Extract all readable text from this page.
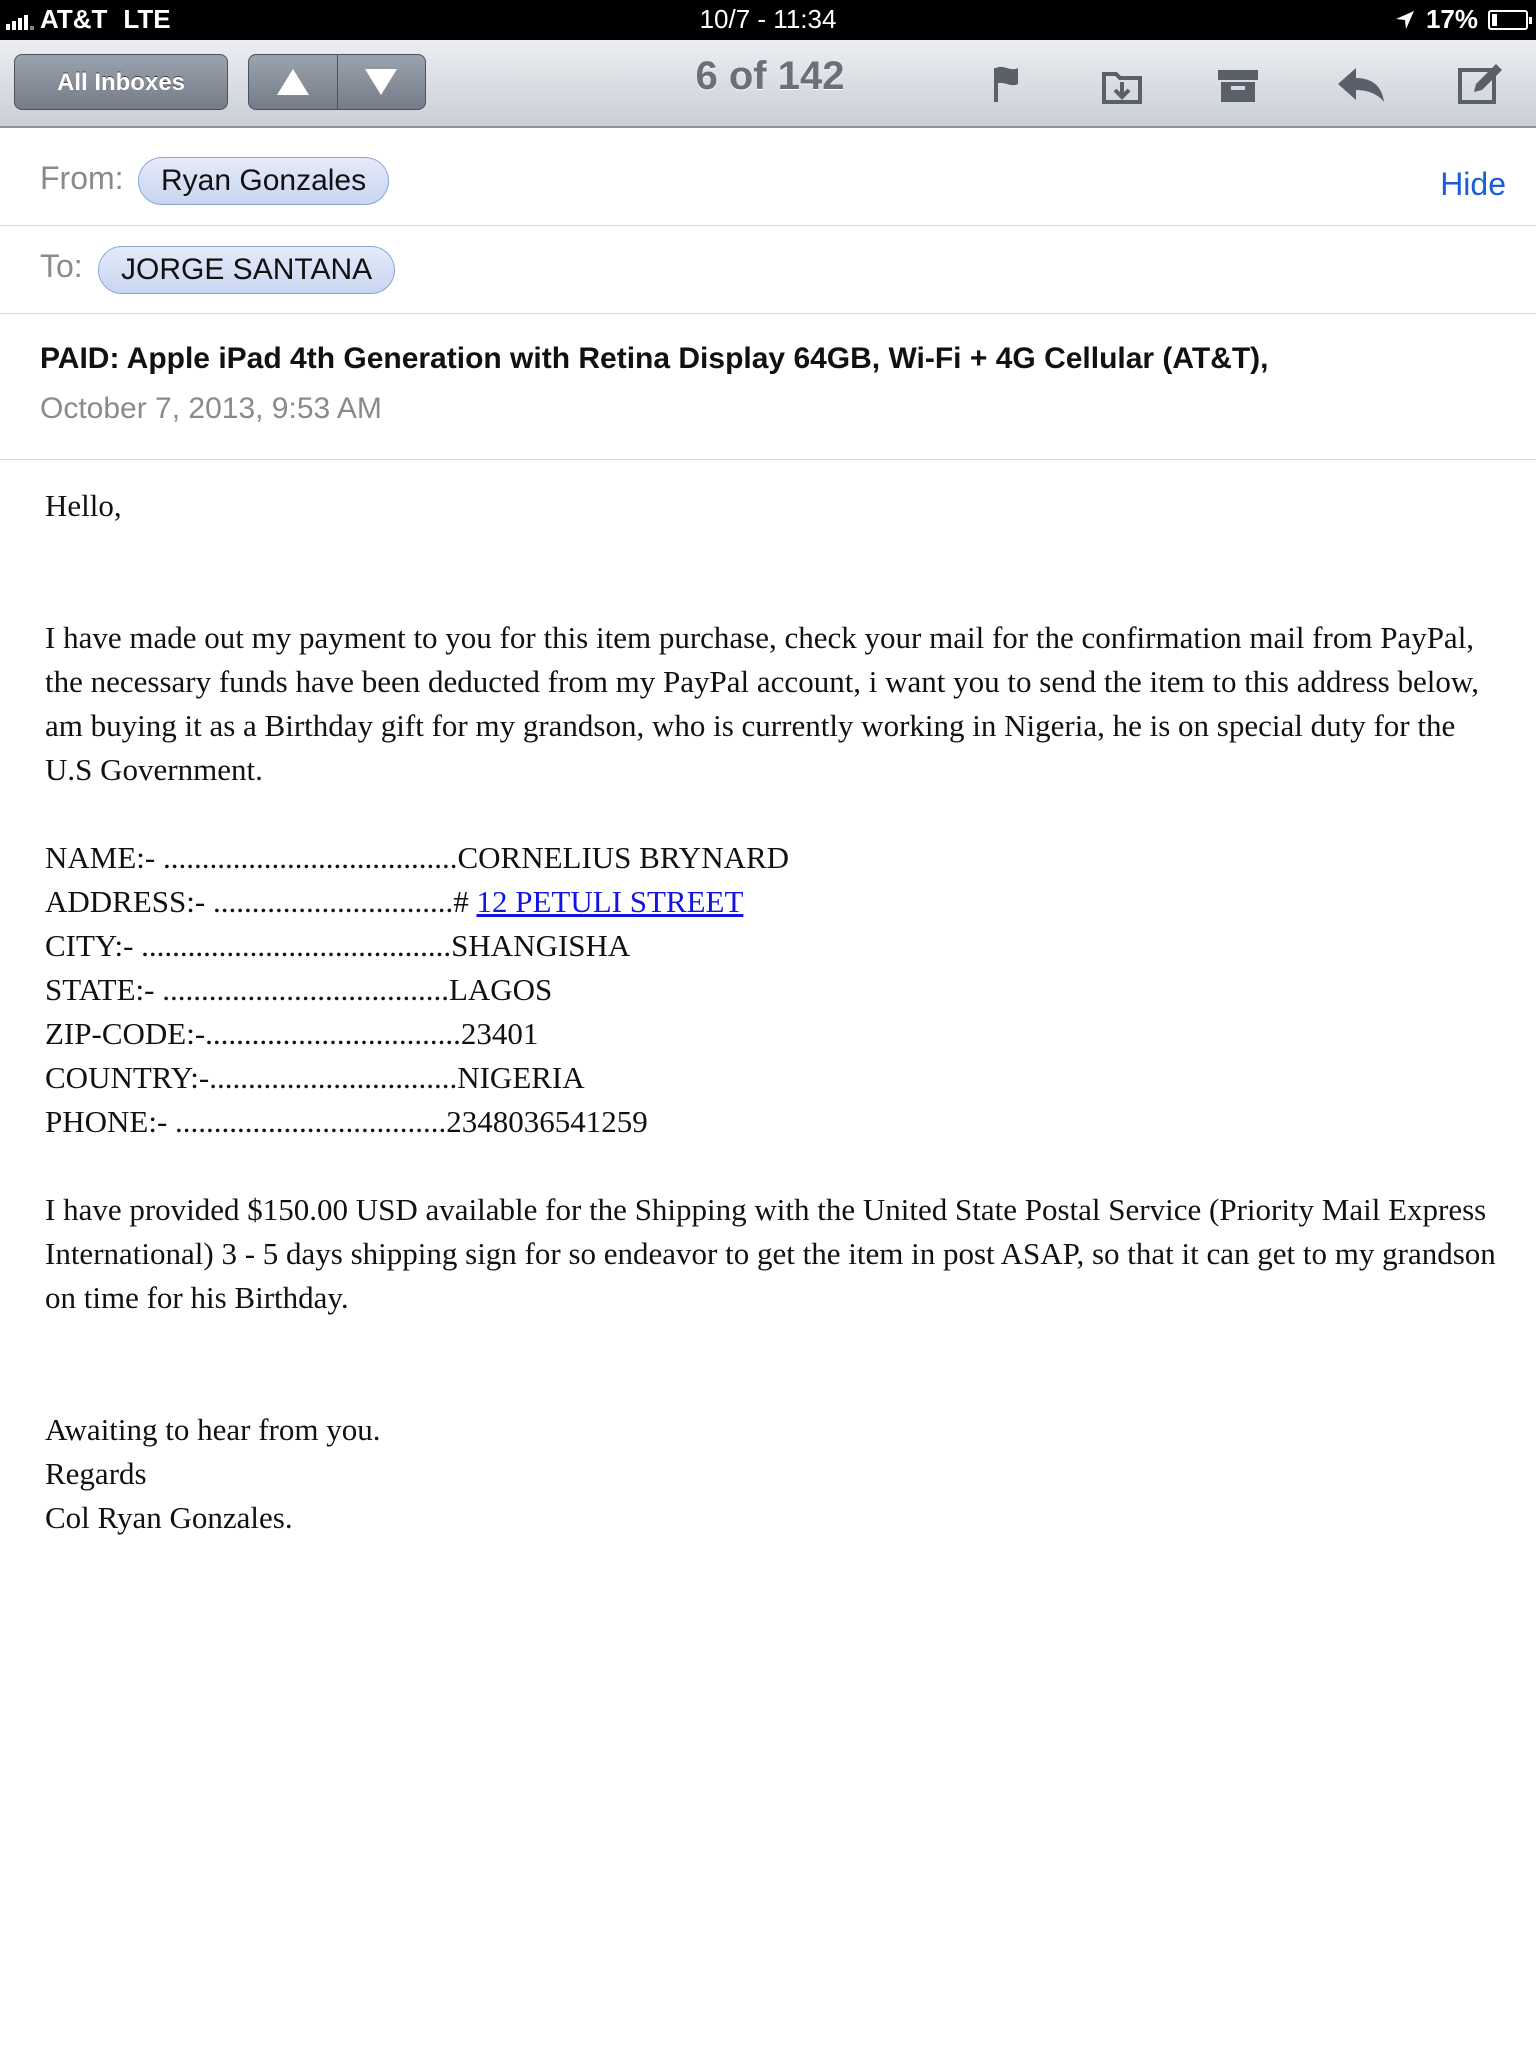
AT&T LTE	10/7 - 11:34	17%
All Inboxes	6 of 142
From:	Ryan Gonzales	Hide
To:	JORGE SANTANA
PAID: Apple iPad 4th Generation with Retina Display 64GB, Wi-Fi + 4G Cellular (AT&T),
October 7, 2013, 9:53 AM

Hello,

I have made out my payment to you for this item purchase, check your mail for the confirmation mail from PayPal, the necessary funds have been deducted from my PayPal account, i want you to send the item to this address below, am buying it as a Birthday gift for my grandson, who is currently working in Nigeria, he is on special duty for the U.S Government.

NAME:- ......................................CORNELIUS BRYNARD

ADDRESS:- ...............................# 12 PETULI STREET

CITY:- ........................................SHANGISHA

STATE:- .....................................LAGOS

ZIP-CODE:-.................................23401

COUNTRY:-................................NIGERIA

PHONE:- ...................................2348036541259

I have provided $150.00 USD available for the Shipping with the United State Postal Service (Priority Mail Express International) 3 - 5 days shipping sign for so endeavor to get the item in post ASAP, so that it can get to my grandson on time for his Birthday.

Awaiting to hear from you.

Regards

Col Ryan Gonzales.
